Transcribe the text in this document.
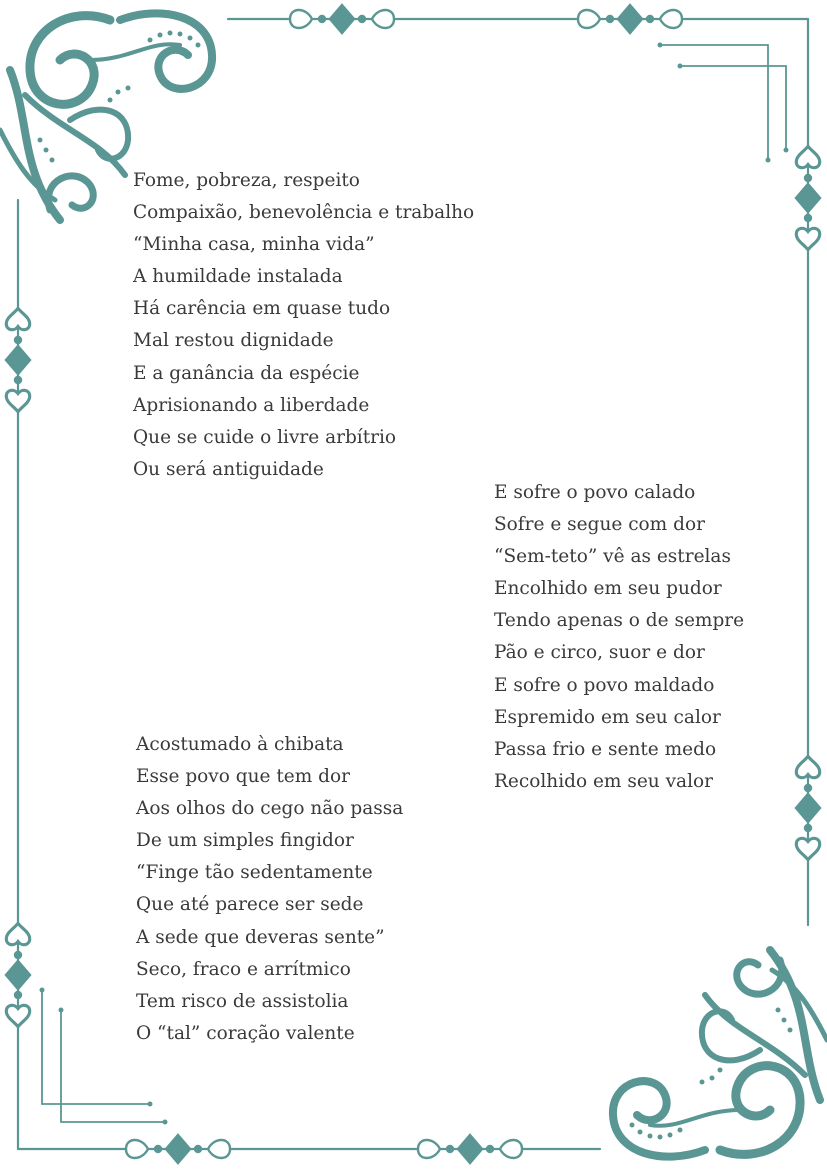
Fome, pobreza, respeito
Compaixão, benevolência e trabalho
“Minha casa, minha vida”
A humildade instalada
Há carência em quase tudo
Mal restou dignidade
E a ganância da espécie
Aprisionando a liberdade
Que se cuide o livre arbítrio
Ou será antiguidade
E sofre o povo calado
Sofre e segue com dor
“Sem-teto” vê as estrelas
Encolhido em seu pudor
Tendo apenas o de sempre
Pão e circo, suor e dor
E sofre o povo maldado
Espremido em seu calor
Passa frio e sente medo
Recolhido em seu valor
Acostumado à chibata
Esse povo que tem dor
Aos olhos do cego não passa
De um simples fingidor
“Finge tão sedentamente
Que até parece ser sede
A sede que deveras sente”
Seco, fraco e arrítmico
Tem risco de assistolia
O “tal” coração valente
